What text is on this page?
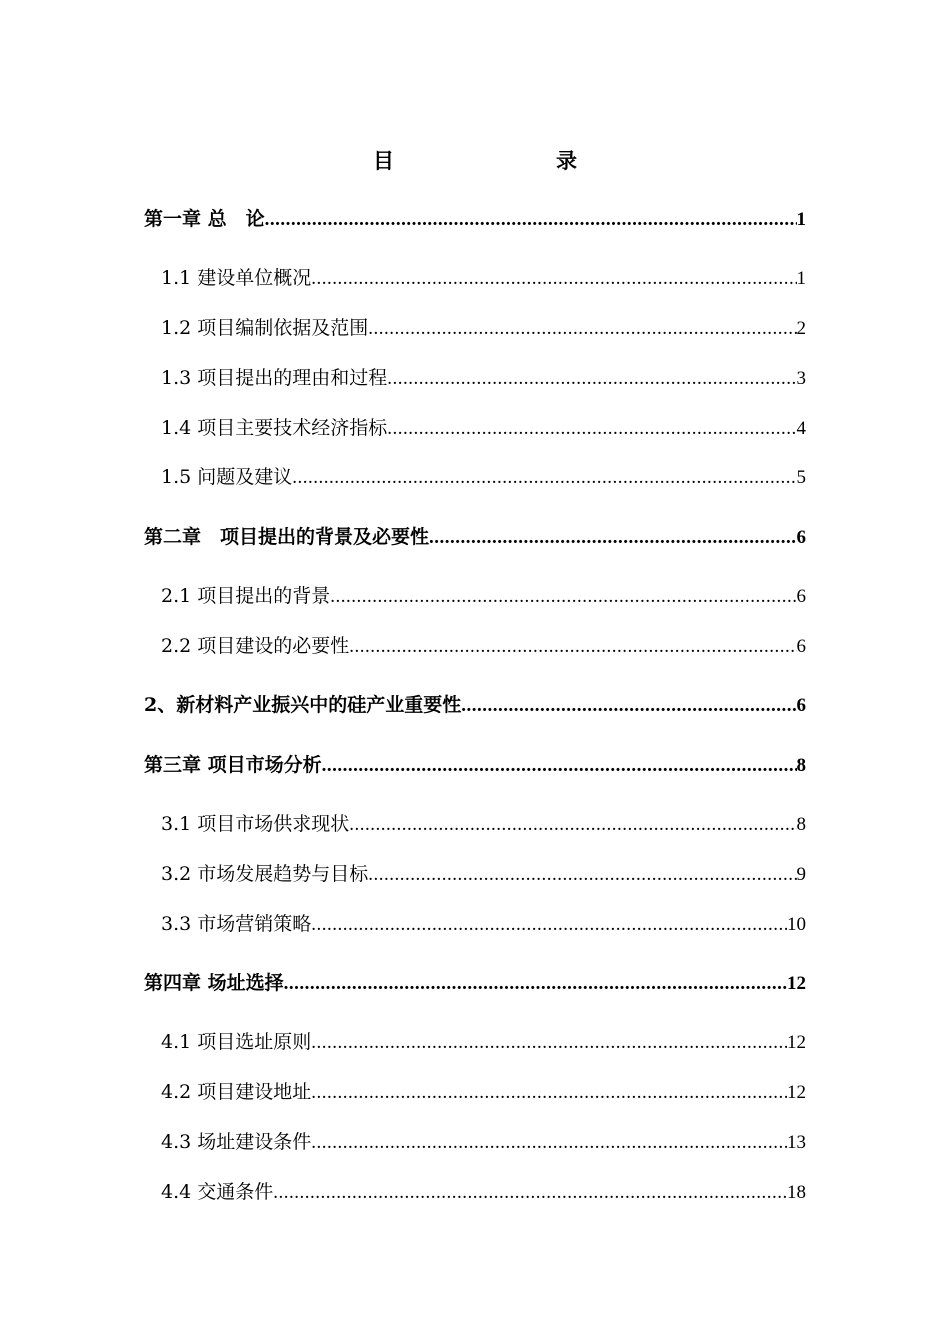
目　　录
第一章 总　论 .....	1
1.1 建设单位概况 .....	1
1.2 项目编制依据及范围 .....	2
1.3 项目提出的理由和过程 .....	3
1.4 项目主要技术经济指标 .....	4
1.5 问题及建议 .....	5
第二章　项目提出的背景及必要性 .....	6
2.1 项目提出的背景 .....	6
2.2 项目建设的必要性 .....	6
2、新材料产业振兴中的硅产业重要性 .....	6
第三章 项目市场分析 .....	8
3.1 项目市场供求现状 .....	8
3.2 市场发展趋势与目标 .....	9
3.3 市场营销策略 .....	10
第四章 场址选择 .....	12
4.1 项目选址原则 .....	12
4.2 项目建设地址 .....	12
4.3 场址建设条件 .....	13
4.4 交通条件 .....	18
